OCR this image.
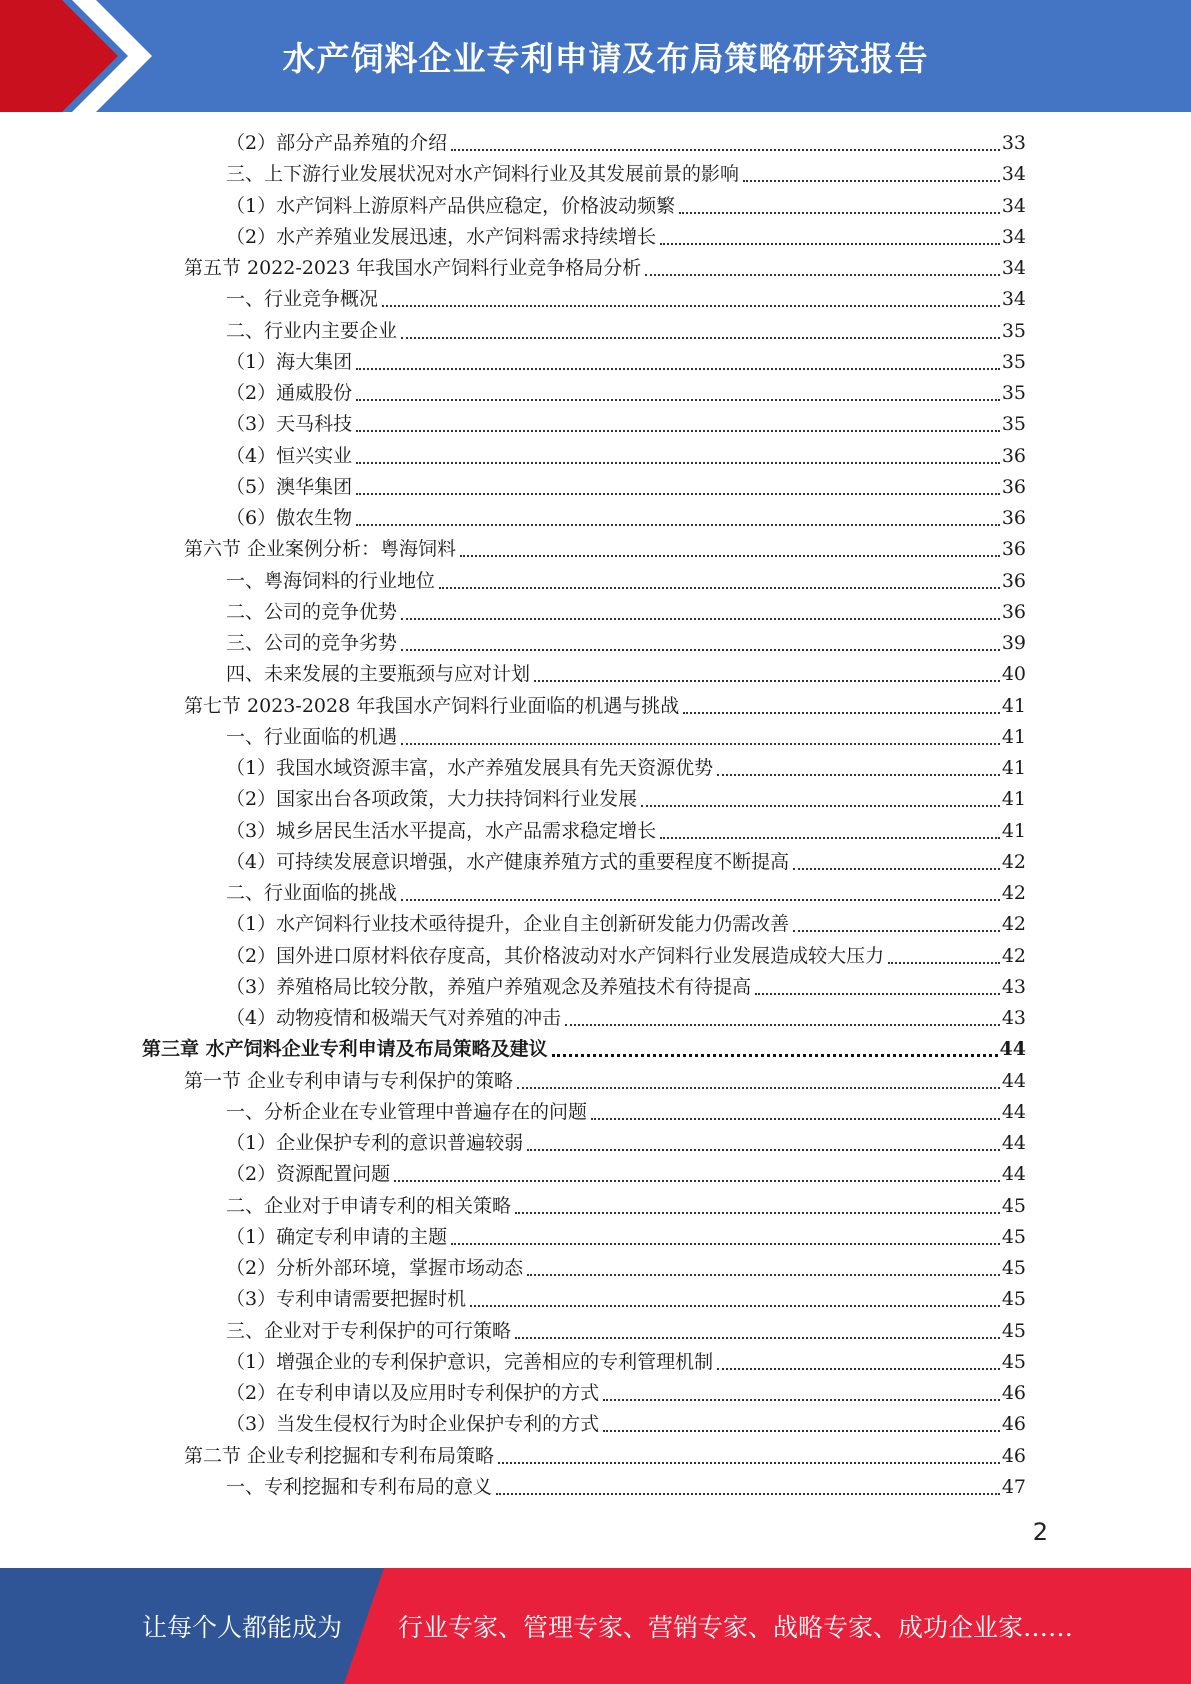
水产饲料企业专利申请及布局策略研究报告
（2）部分产品养殖的介绍	33
三、上下游行业发展状况对水产饲料行业及其发展前景的影响	34
（1）水产饲料上游原料产品供应稳定，价格波动频繁	34
（2）水产养殖业发展迅速，水产饲料需求持续增长	34
第五节 2022-2023 年我国水产饲料行业竞争格局分析	34
一、行业竞争概况	34
二、行业内主要企业	35
（1）海大集团	35
（2）通威股份	35
（3）天马科技	35
（4）恒兴实业	36
（5）澳华集团	36
（6）傲农生物	36
第六节 企业案例分析：粤海饲料	36
一、粤海饲料的行业地位	36
二、公司的竞争优势	36
三、公司的竞争劣势	39
四、未来发展的主要瓶颈与应对计划	40
第七节 2023-2028 年我国水产饲料行业面临的机遇与挑战	41
一、行业面临的机遇	41
（1）我国水域资源丰富，水产养殖发展具有先天资源优势	41
（2）国家出台各项政策，大力扶持饲料行业发展	41
（3）城乡居民生活水平提高，水产品需求稳定增长	41
（4）可持续发展意识增强，水产健康养殖方式的重要程度不断提高	42
二、行业面临的挑战	42
（1）水产饲料行业技术亟待提升，企业自主创新研发能力仍需改善	42
（2）国外进口原材料依存度高，其价格波动对水产饲料行业发展造成较大压力	42
（3）养殖格局比较分散，养殖户养殖观念及养殖技术有待提高	43
（4）动物疫情和极端天气对养殖的冲击	43
第三章 水产饲料企业专利申请及布局策略及建议	44
第一节 企业专利申请与专利保护的策略	44
一、分析企业在专业管理中普遍存在的问题	44
（1）企业保护专利的意识普遍较弱	44
（2）资源配置问题	44
二、企业对于申请专利的相关策略	45
（1）确定专利申请的主题	45
（2）分析外部环境，掌握市场动态	45
（3）专利申请需要把握时机	45
三、企业对于专利保护的可行策略	45
（1）增强企业的专利保护意识，完善相应的专利管理机制	45
（2）在专利申请以及应用时专利保护的方式	46
（3）当发生侵权行为时企业保护专利的方式	46
第二节 企业专利挖掘和专利布局策略	46
一、专利挖掘和专利布局的意义	47
2
让每个人都能成为 行业专家、管理专家、营销专家、战略专家、成功企业家……
